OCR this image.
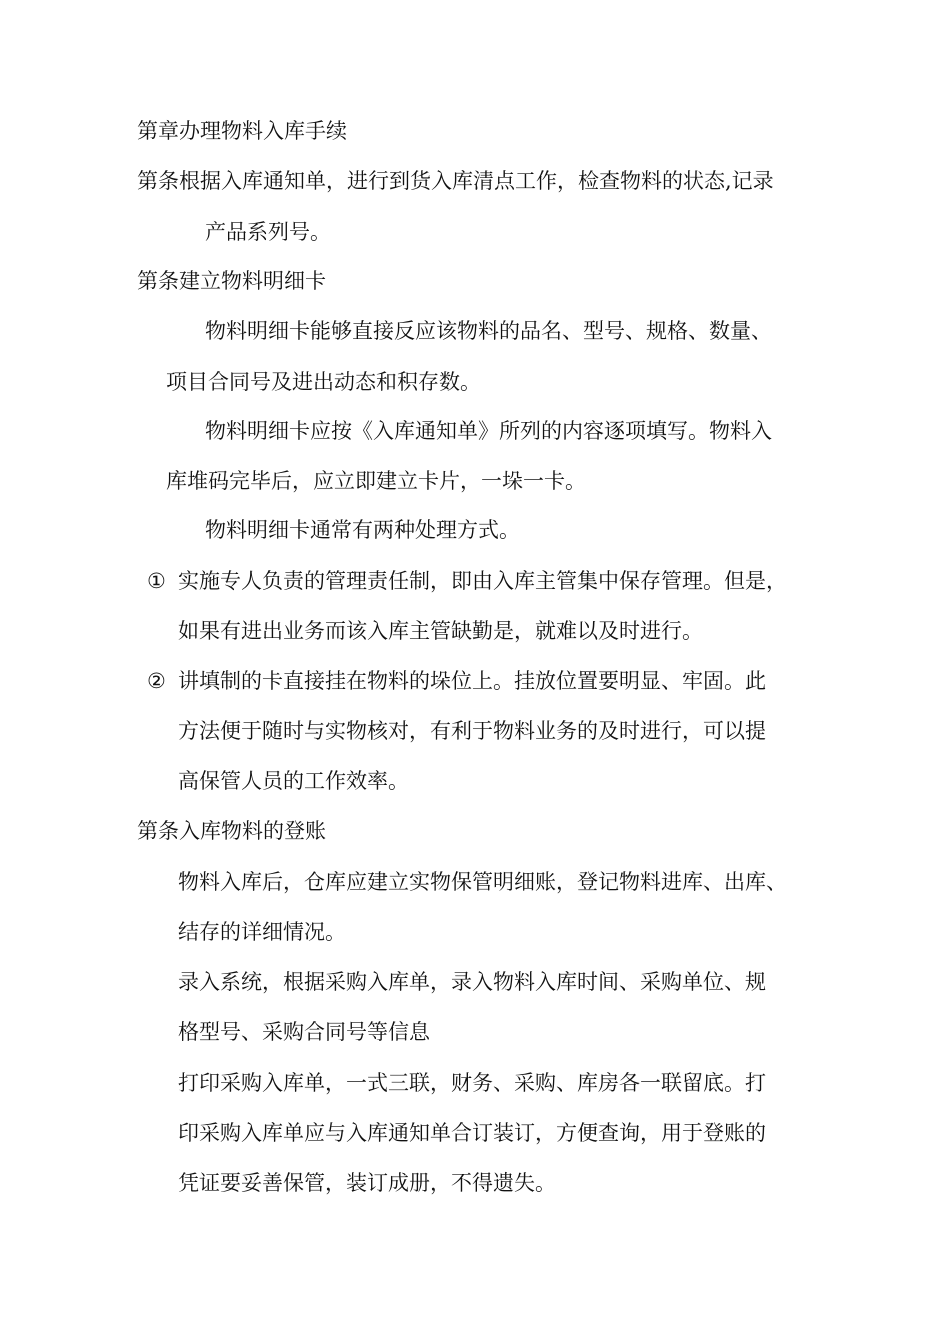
第章办理物料入库手续
第条根据入库通知单，进行到货入库清点工作，检查物料的状态,记录
产品系列号。
第条建立物料明细卡
物料明细卡能够直接反应该物料的品名、型号、规格、数量、
项目合同号及进出动态和积存数。
物料明细卡应按《入库通知单》所列的内容逐项填写。物料入
库堆码完毕后，应立即建立卡片，一垛一卡。
物料明细卡通常有两种处理方式。
① 实施专人负责的管理责任制，即由入库主管集中保存管理。但是，
如果有进出业务而该入库主管缺勤是，就难以及时进行。
② 讲填制的卡直接挂在物料的垛位上。挂放位置要明显、牢固。此
方法便于随时与实物核对，有利于物料业务的及时进行，可以提
高保管人员的工作效率。
第条入库物料的登账
物料入库后，仓库应建立实物保管明细账，登记物料进库、出库、
结存的详细情况。
录入系统，根据采购入库单，录入物料入库时间、采购单位、规
格型号、采购合同号等信息
打印采购入库单，一式三联，财务、采购、库房各一联留底。打
印采购入库单应与入库通知单合订装订，方便查询，用于登账的
凭证要妥善保管，装订成册，不得遗失。
